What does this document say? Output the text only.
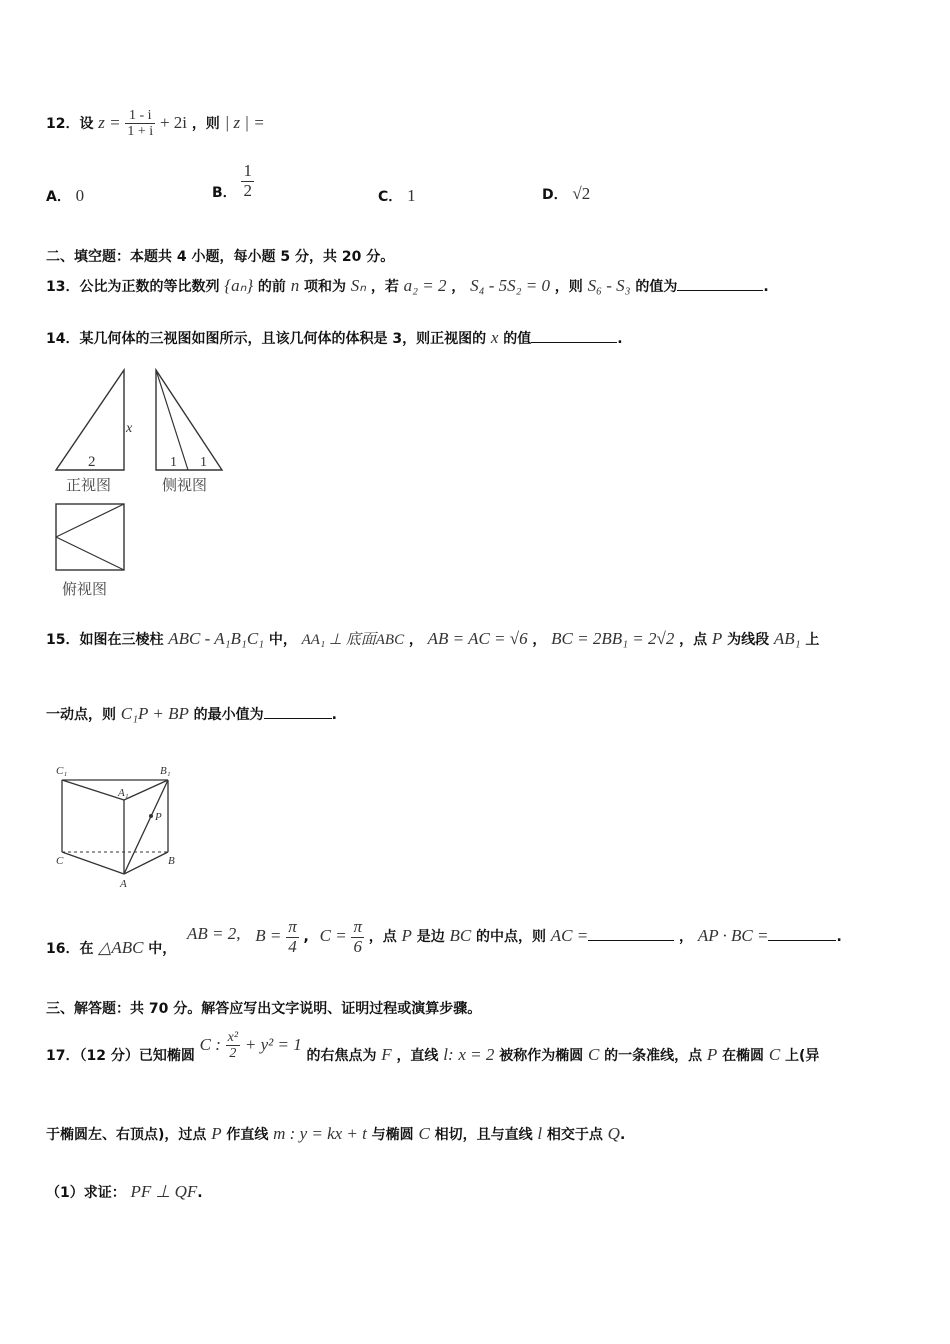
12．设 $z = \frac{1 - i}{1 + i} + 2i$ ，则 | z | =
A． 0	B． $\frac{1}{2}$	C． 1	D． √2
二、填空题：本题共 4 小题，每小题 5 分，共 20 分。
13．公比为正数的等比数列 {aₙ} 的前 n 项和为 Sₙ ，若 a₂ = 2 ， S₄ - 5S₂ = 0 ，则 S₆ - S₃ 的值为	.
14．某几何体的三视图如图所示，且该几何体的体积是 3，则正视图的 x 的值	.
2
x
1 1
正视图	侧视图
俯视图
15．如图在三棱柱 ABC - A₁B₁C₁ 中， AA₁ ⊥ 底面ABC ， AB = AC = √6 ， BC = 2BB₁ = 2√2 ，点 P 为线段 AB₁ 上
一动点，则 C₁P + BP 的最小值为	.
C₁	B₁
A₁
P
C	B
A
16．在 △ABC 中， AB = 2, $B = \frac{\pi}{4}$ , $C = \frac{\pi}{6}$ ，点 P 是边 BC 的中点，则 AC =	， AP · BC =	.
三、解答题：共 70 分。解答应写出文字说明、证明过程或演算步骤。
17．（12 分）已知椭圆 C : $\frac{\text{x²}}{2} + y^2 = 1$ 的右焦点为 F ，直线 l: x = 2 被称作为椭圆 C 的一条准线，点 P 在椭圆 C 上(异
于椭圆左、右顶点)，过点 P 作直线 m : y = kx + t 与椭圆 C 相切，且与直线 l 相交于点 Q.
（1）求证： PF ⊥ QF.
